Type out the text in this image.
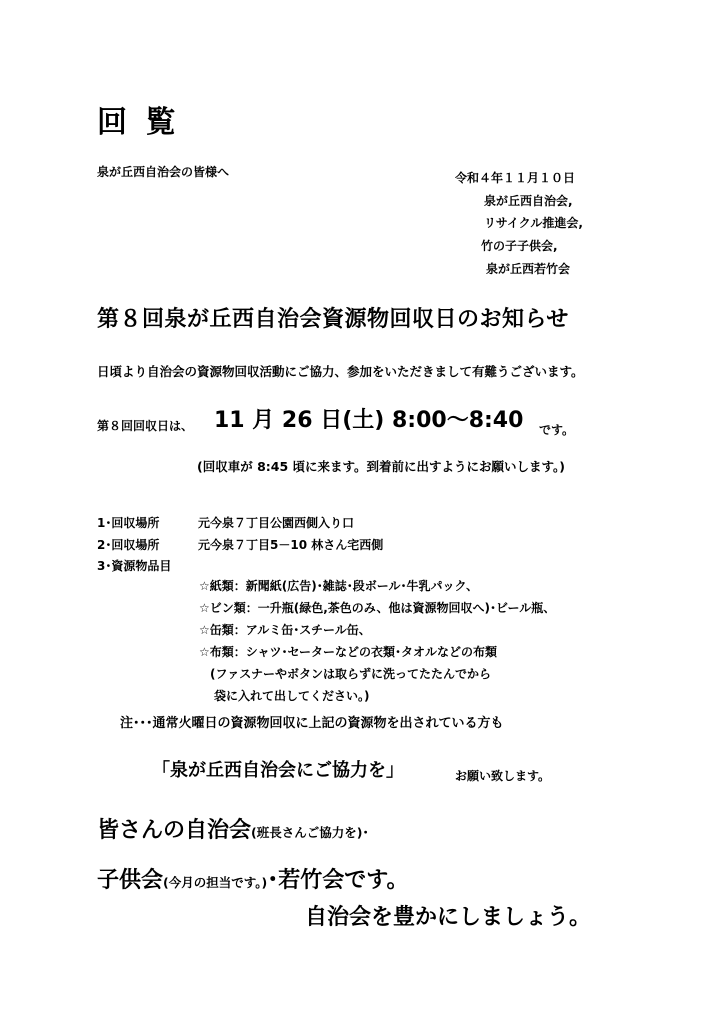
回 覧
泉が丘西自治会の皆様へ	令和４年１１月１０日
泉が丘西自治会,
リサイクル推進会,
竹の子子供会,
泉が丘西若竹会
第８回泉が丘西自治会資源物回収日のお知らせ
日頃より自治会の資源物回収活動にご協力、参加をいただきまして有難うございます。
第８回回収日は、 11 月 26 日(土) 8:00～8:40 です。
(回収車が 8:45 頃に来ます。到着前に出すようにお願いします。)
1･回収場所	元今泉７丁目公園西側入り口
2･回収場所	元今泉７丁目5－10 林さん宅西側
3･資源物品目
☆紙類：新聞紙(広告)･雑誌･段ボール･牛乳パック、
☆ビン類：一升瓶(緑色,茶色のみ、他は資源物回収へ)･ビール瓶、
☆缶類：アルミ缶･スチール缶、
☆布類：シャツ･セーターなどの衣類･タオルなどの布類
(ファスナーやボタンは取らずに洗ってたたんでから
袋に入れて出してください。)
注･･･通常火曜日の資源物回収に上記の資源物を出されている方も
「泉が丘西自治会にご協力を」	お願い致します。
皆さんの自治会(班長さんご協力を)･
子供会(今月の担当です。)･若竹会です。
自治会を豊かにしましょう。
